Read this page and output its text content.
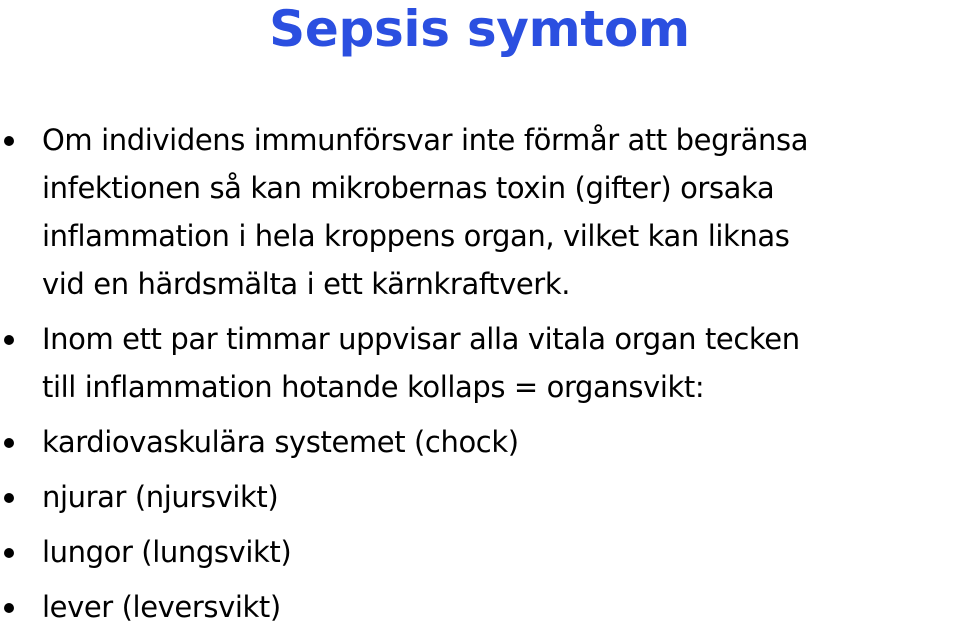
Sepsis symtom
Om individens immunförsvar inte förmår att begränsa
infektionen så kan mikrobernas toxin (gifter) orsaka
inflammation i hela kroppens organ, vilket kan liknas
vid en härdsmälta i ett kärnkraftverk.
Inom ett par timmar uppvisar alla vitala organ tecken
till inflammation hotande kollaps = organsvikt:
kardiovaskulära systemet (chock)
njurar (njursvikt)
lungor (lungsvikt)
lever (leversvikt)
